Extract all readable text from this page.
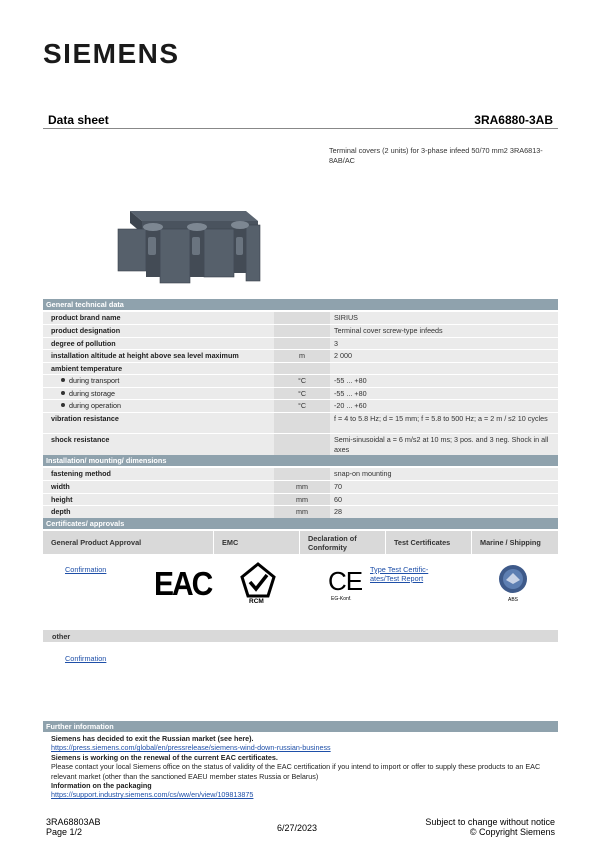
SIEMENS
Data sheet	3RA6880-3AB
Terminal covers (2 units) for 3-phase infeed 50/70 mm2 3RA6813-8AB/AC
General technical data
product brand name		SIRIUS
product designation		Terminal cover screw-type infeeds
degree of pollution		3
installation altitude at height above sea level maximum	m	2 000
ambient temperature		
during transport	°C	-55 ... +80
during storage	°C	-55 ... +80
during operation	°C	-20 ... +60
vibration resistance		f = 4 to 5.8 Hz; d = 15 mm; f = 5.8 to 500 Hz; a = 2 m / s2 10 cycles
shock resistance		Semi-sinusoidal a = 6 m/s2 at 10 ms; 3 pos. and 3 neg. Shock in all axes
Installation/ mounting/ dimensions
fastening method		snap-on mounting
width	mm	70
height	mm	60
depth	mm	28
Certificates/ approvals
General Product Approval	EMC	Declaration of Conformity	Test Certificates	Marine / Shipping
Confirmation EAC	RCM
CE
EG-Konf.
Type Test Certific-
ates/Test Report
ABS
other
Confirmation
Further information
Siemens has decided to exit the Russian market (see here).
https://press.siemens.com/global/en/pressrelease/siemens-wind-down-russian-business
Siemens is working on the renewal of the current EAC certificates.
Please contact your local Siemens office on the status of validity of the EAC certification if you intend to import or offer to supply these products to an EAC relevant market (other than the sanctioned EAEU member states Russia or Belarus)
Information on the packaging
https://support.industry.siemens.com/cs/ww/en/view/109813875
3RA68803AB
Page 1/2	6/27/2023
Subject to change without notice
© Copyright Siemens
